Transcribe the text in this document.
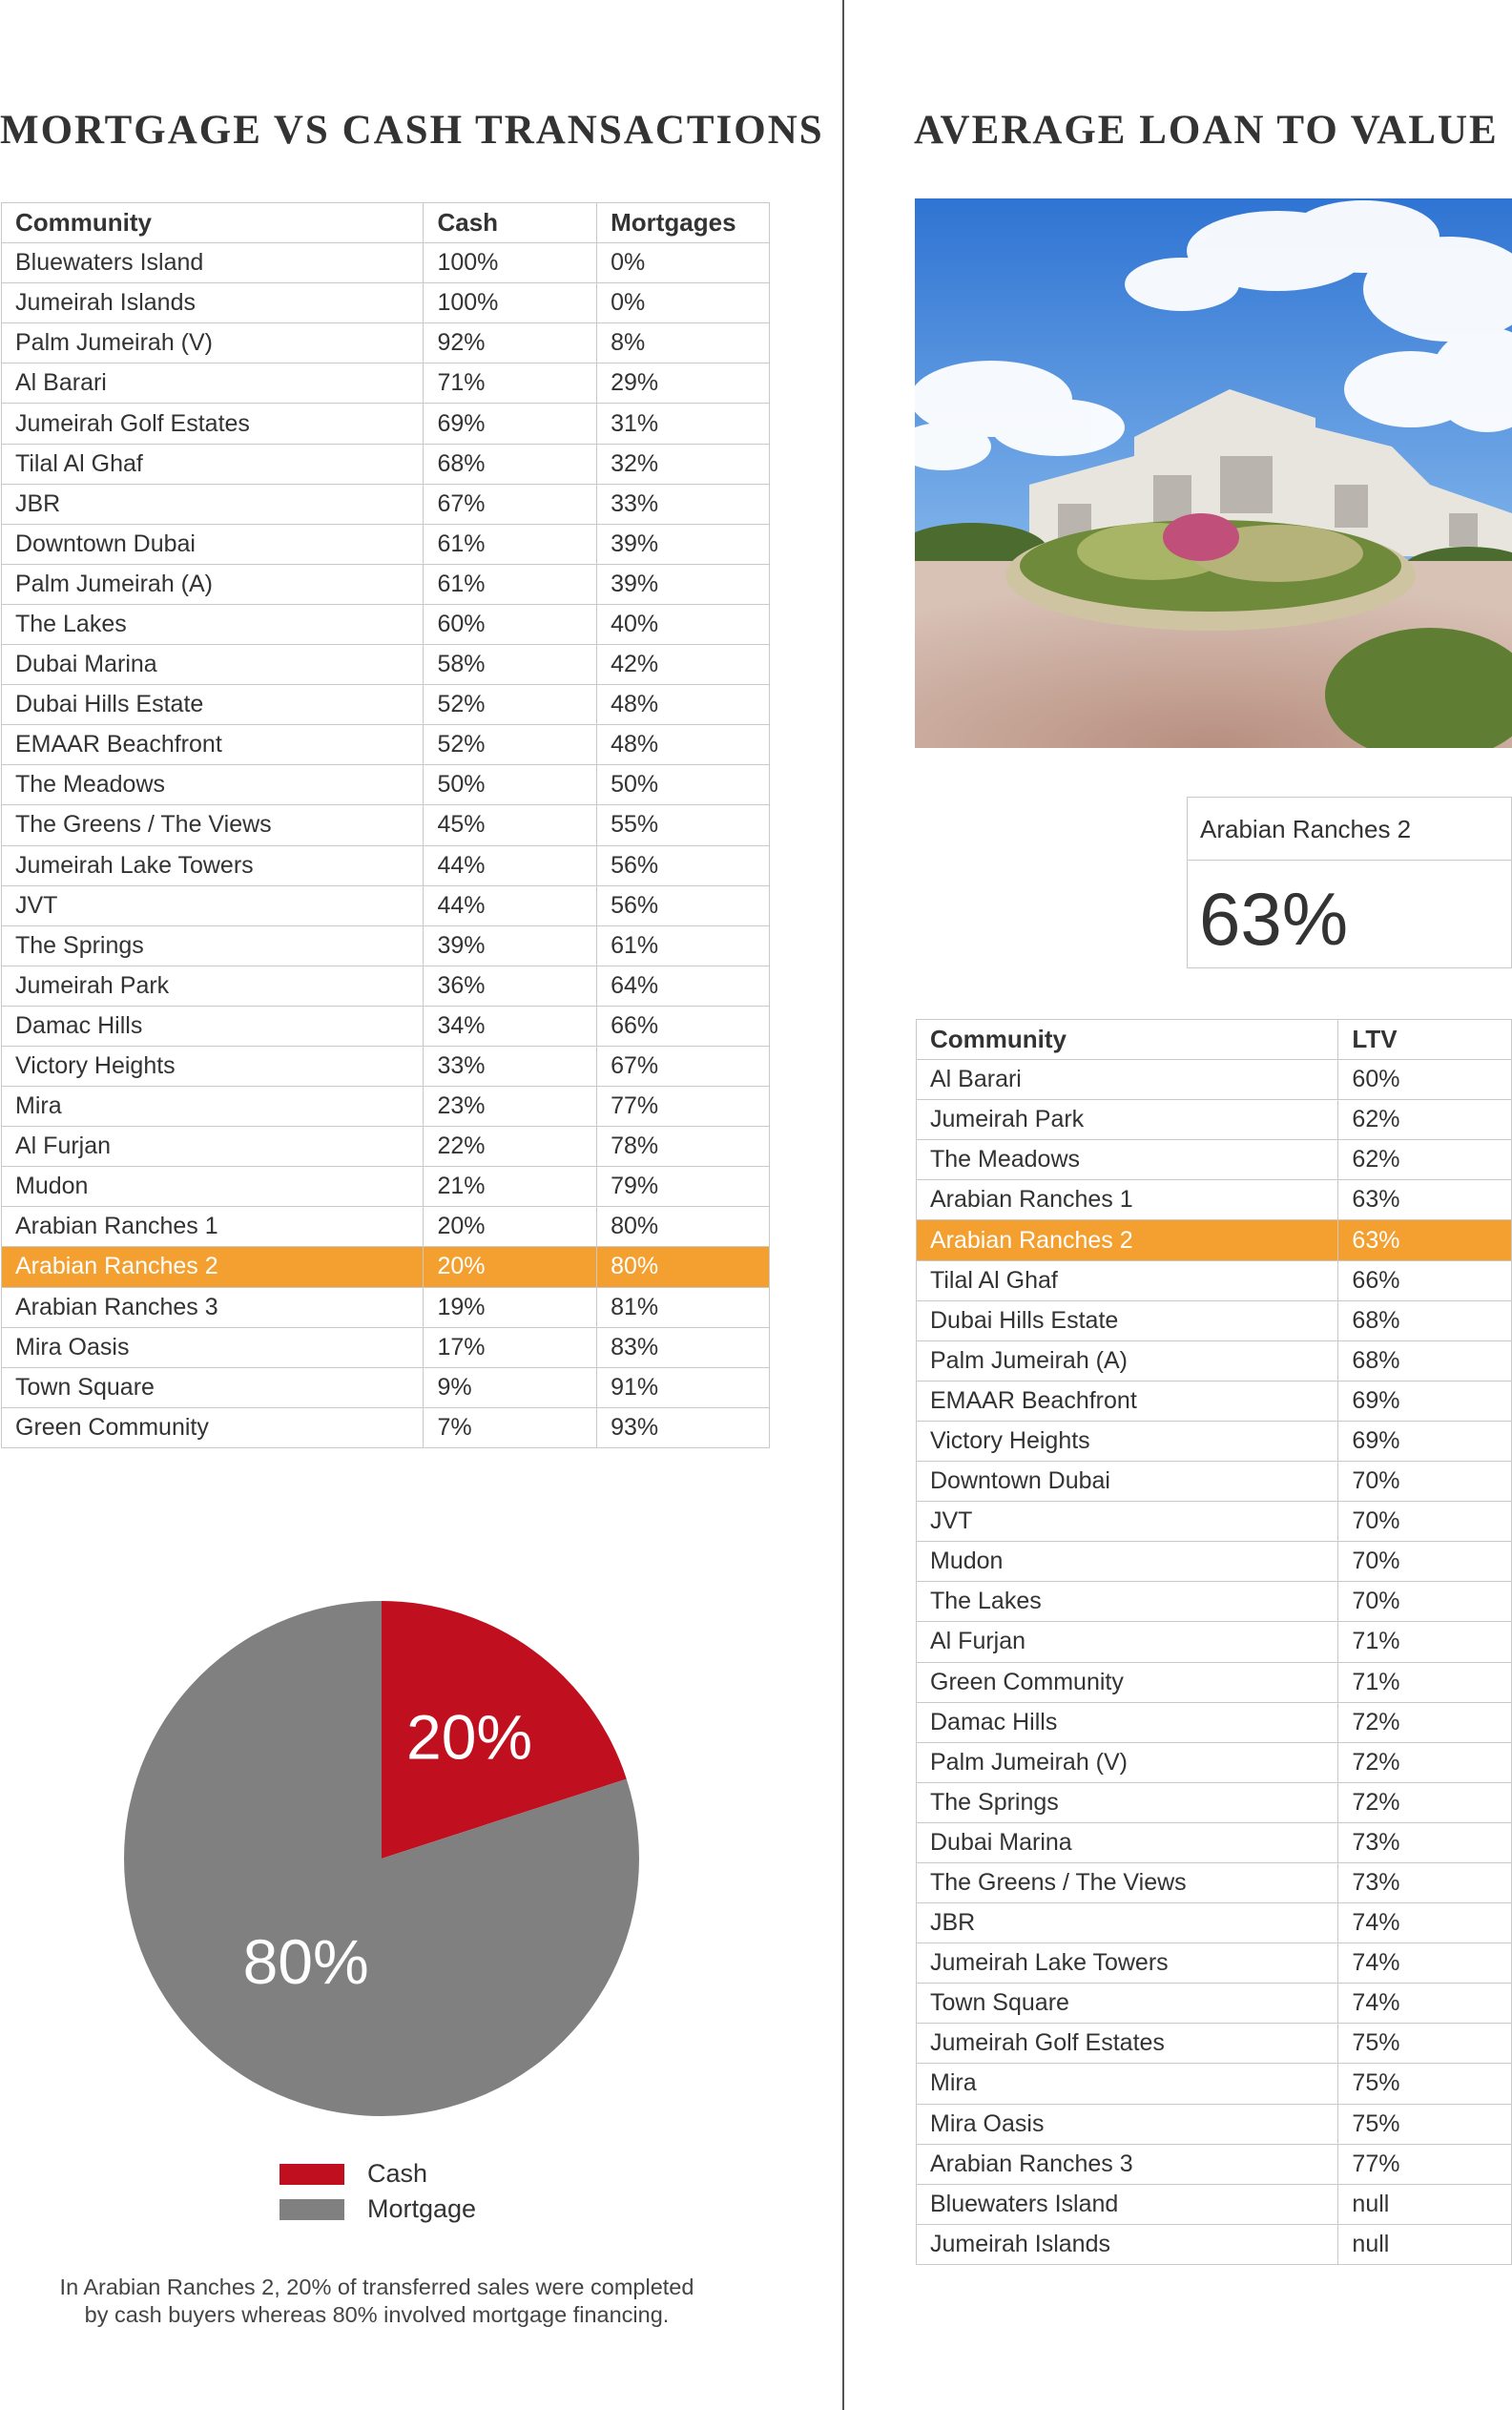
MORTGAGE VS CASH TRANSACTIONS
Community	Cash	Mortgages
Bluewaters Island	100%	0%
Jumeirah Islands	100%	0%
Palm Jumeirah (V)	92%	8%
Al Barari	71%	29%
Jumeirah Golf Estates	69%	31%
Tilal Al Ghaf	68%	32%
JBR	67%	33%
Downtown Dubai	61%	39%
Palm Jumeirah (A)	61%	39%
The Lakes	60%	40%
Dubai Marina	58%	42%
Dubai Hills Estate	52%	48%
EMAAR Beachfront	52%	48%
The Meadows	50%	50%
The Greens / The Views	45%	55%
Jumeirah Lake Towers	44%	56%
JVT	44%	56%
The Springs	39%	61%
Jumeirah Park	36%	64%
Damac Hills	34%	66%
Victory Heights	33%	67%
Mira	23%	77%
Al Furjan	22%	78%
Mudon	21%	79%
Arabian Ranches 1	20%	80%
Arabian Ranches 2	20%	80%
Arabian Ranches 3	19%	81%
Mira Oasis	17%	83%
Town Square	9%	91%
Green Community	7%	93%
20%
80%
Cash
Mortgage
In Arabian Ranches 2, 20% of transferred sales were completed by cash buyers whereas 80% involved mortgage financing.
AVERAGE LOAN TO VALUE
Arabian Ranches 2
63%
Community	LTV
Al Barari	60%
Jumeirah Park	62%
The Meadows	62%
Arabian Ranches 1	63%
Arabian Ranches 2	63%
Tilal Al Ghaf	66%
Dubai Hills Estate	68%
Palm Jumeirah (A)	68%
EMAAR Beachfront	69%
Victory Heights	69%
Downtown Dubai	70%
JVT	70%
Mudon	70%
The Lakes	70%
Al Furjan	71%
Green Community	71%
Damac Hills	72%
Palm Jumeirah (V)	72%
The Springs	72%
Dubai Marina	73%
The Greens / The Views	73%
JBR	74%
Jumeirah Lake Towers	74%
Town Square	74%
Jumeirah Golf Estates	75%
Mira	75%
Mira Oasis	75%
Arabian Ranches 3	77%
Bluewaters Island	null
Jumeirah Islands	null
